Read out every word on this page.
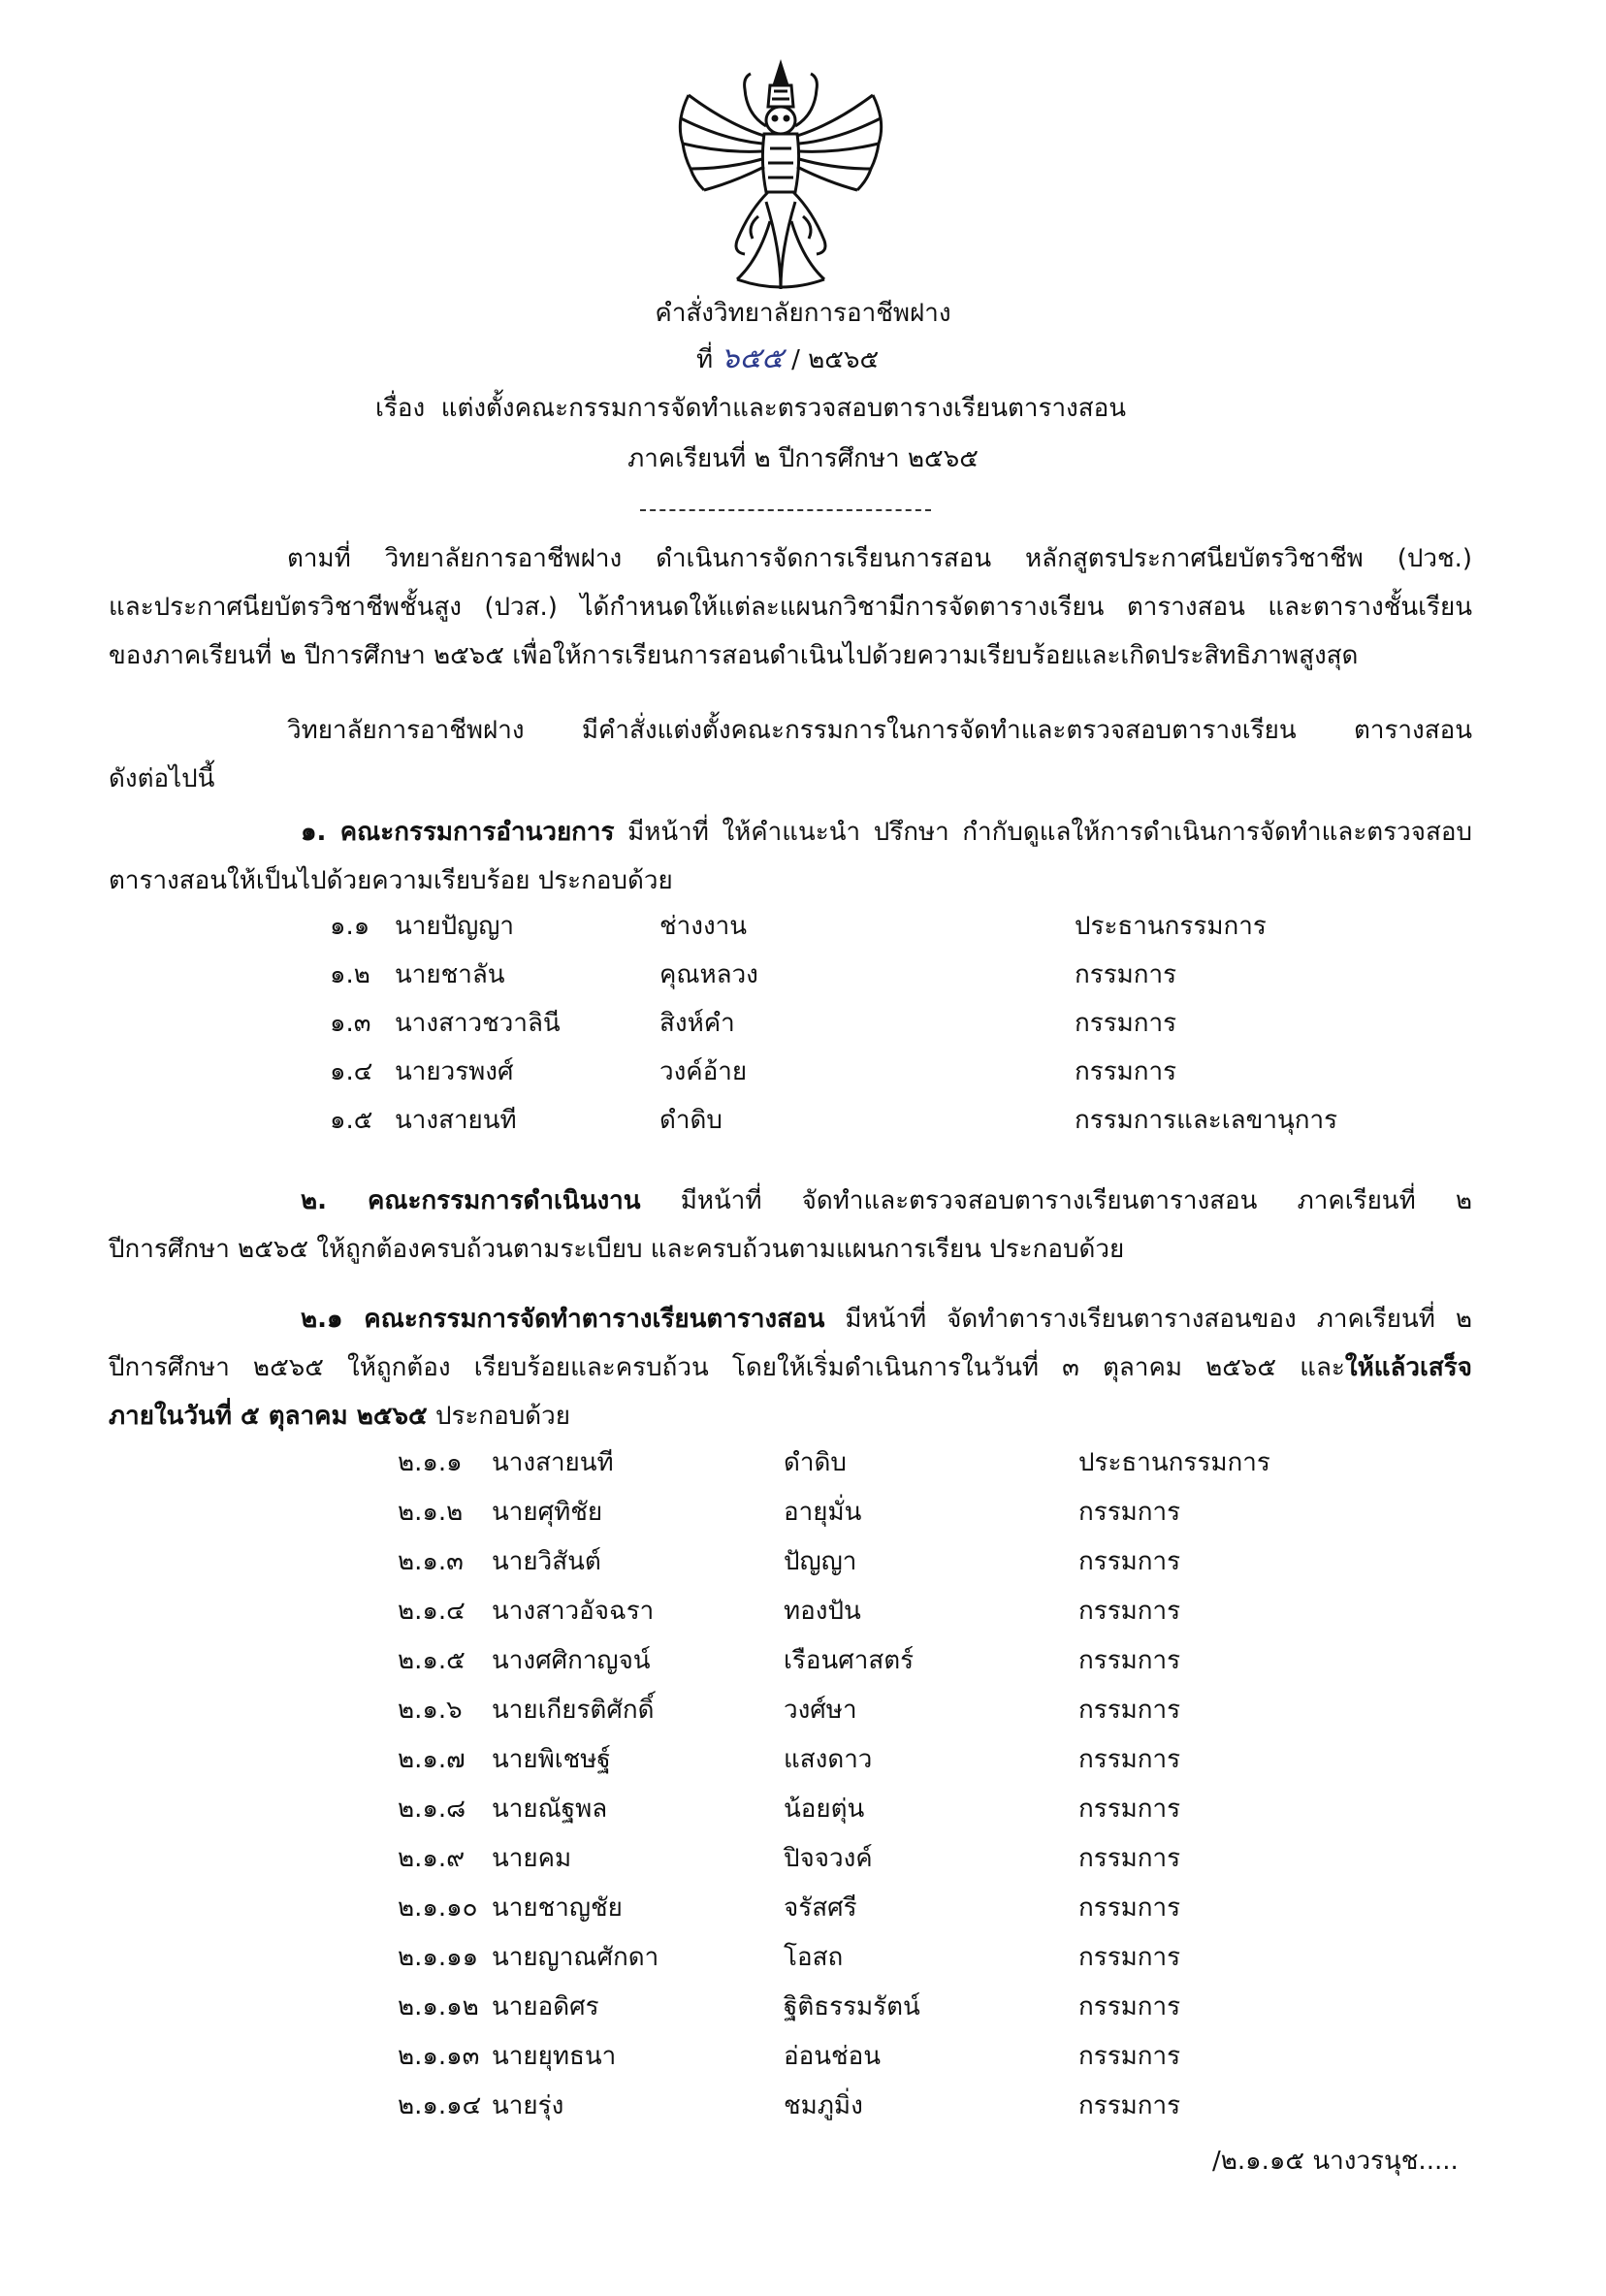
คำสั่งวิทยาลัยการอาชีพฝาง
ที่ ๖๕๕ / ๒๕๖๕
เรื่อง แต่งตั้งคณะกรรมการจัดทำและตรวจสอบตารางเรียนตารางสอน
ภาคเรียนที่ ๒ ปีการศึกษา ๒๕๖๕
ตามที่ วิทยาลัยการอาชีพฝาง ดำเนินการจัดการเรียนการสอน หลักสูตรประกาศนียบัตรวิชาชีพ (ปวช.)
และประกาศนียบัตรวิชาชีพชั้นสูง (ปวส.) ได้กำหนดให้แต่ละแผนกวิชามีการจัดตารางเรียน ตารางสอน และตารางชั้นเรียน
ของภาคเรียนที่ ๒ ปีการศึกษา ๒๕๖๕ เพื่อให้การเรียนการสอนดำเนินไปด้วยความเรียบร้อยและเกิดประสิทธิภาพสูงสุด
วิทยาลัยการอาชีพฝาง มีคำสั่งแต่งตั้งคณะกรรมการในการจัดทำและตรวจสอบตารางเรียน ตารางสอน
ดังต่อไปนี้
๑. คณะกรรมการอำนวยการ มีหน้าที่ ให้คำแนะนำ ปรึกษา กำกับดูแลให้การดำเนินการจัดทำและตรวจสอบ
ตารางสอนให้เป็นไปด้วยความเรียบร้อย ประกอบด้วย
๑.๑ นายปัญญา	ช่างงาน	ประธานกรรมการ
๑.๒ นายชาลัน	คุณหลวง	กรรมการ
๑.๓ นางสาวชวาลินี	สิงห์คำ	กรรมการ
๑.๔ นายวรพงศ์	วงค์อ้าย	กรรมการ
๑.๕ นางสายนที	ดำดิบ	กรรมการและเลขานุการ
๒. คณะกรรมการดำเนินงาน มีหน้าที่ จัดทำและตรวจสอบตารางเรียนตารางสอน ภาคเรียนที่ ๒
ปีการศึกษา ๒๕๖๕ ให้ถูกต้องครบถ้วนตามระเบียบ และครบถ้วนตามแผนการเรียน ประกอบด้วย
๒.๑ คณะกรรมการจัดทำตารางเรียนตารางสอน มีหน้าที่ จัดทำตารางเรียนตารางสอนของ ภาคเรียนที่ ๒
ปีการศึกษา ๒๕๖๕ ให้ถูกต้อง เรียบร้อยและครบถ้วน โดยให้เริ่มดำเนินการในวันที่ ๓ ตุลาคม ๒๕๖๕ และให้แล้วเสร็จ
ภายในวันที่ ๕ ตุลาคม ๒๕๖๕ ประกอบด้วย
๒.๑.๑ นางสายนที	ดำดิบ	ประธานกรรมการ
๒.๑.๒ นายศุทิชัย	อายุมั่น	กรรมการ
๒.๑.๓ นายวิสันต์	ปัญญา	กรรมการ
๒.๑.๔ นางสาวอัจฉรา	ทองปัน	กรรมการ
๒.๑.๕ นางศศิกาญจน์	เรือนศาสตร์	กรรมการ
๒.๑.๖ นายเกียรติศักดิ์	วงศ์ษา	กรรมการ
๒.๑.๗ นายพิเชษฐ์	แสงดาว	กรรมการ
๒.๑.๘ นายณัฐพล	น้อยตุ่น	กรรมการ
๒.๑.๙ นายคม	ปิจจวงค์	กรรมการ
๒.๑.๑๐ นายชาญชัย	จรัสศรี	กรรมการ
๒.๑.๑๑ นายญาณศักดา	โอสถ	กรรมการ
๒.๑.๑๒ นายอดิศร	ฐิติธรรมรัตน์	กรรมการ
๒.๑.๑๓ นายยุทธนา	อ่อนช่อน	กรรมการ
๒.๑.๑๔ นายรุ่ง	ชมภูมิ่ง	กรรมการ
/๒.๑.๑๕ นางวรนุช.....
